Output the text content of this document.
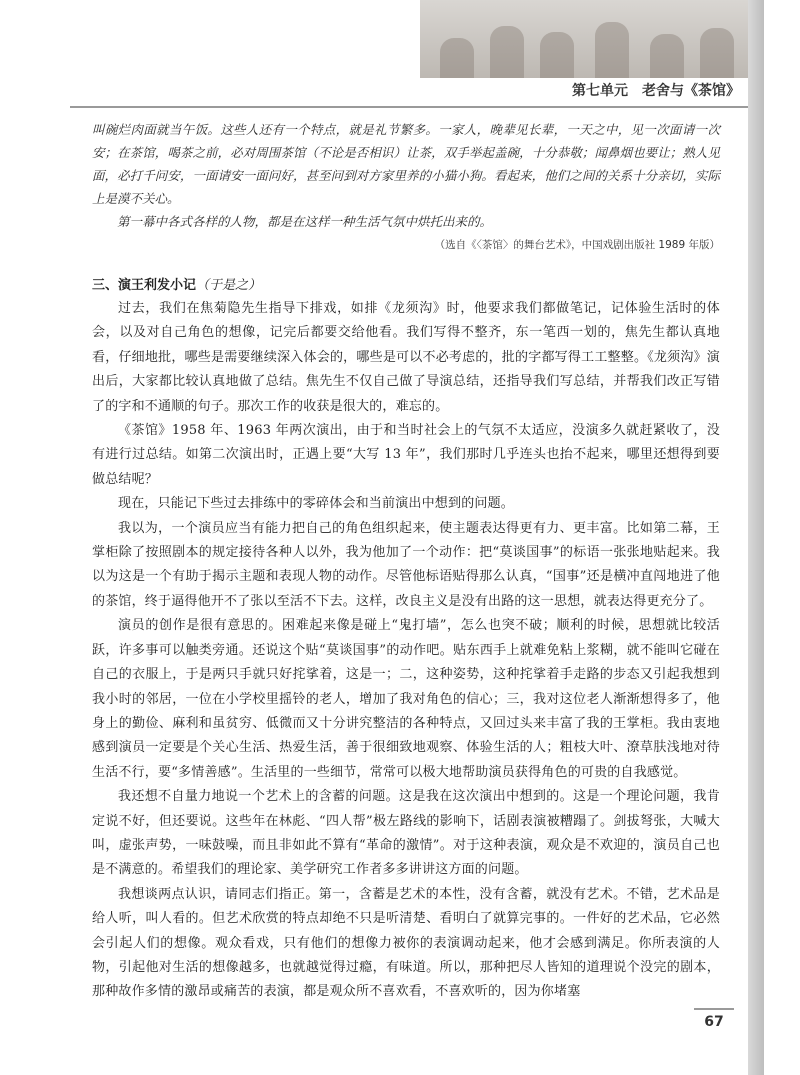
第七单元　老舍与《茶馆》

叫碗烂肉面就当午饭。这些人还有一个特点，就是礼节繁多。一家人，晚辈见长辈，一天之中，见一次面请一次安；在茶馆，喝茶之前，必对周围茶馆（不论是否相识）让茶，双手举起盖碗，十分恭敬；闻鼻烟也要让；熟人见面，必打千问安，一面请安一面问好，甚至问到对方家里养的小猫小狗。看起来，他们之间的关系十分亲切，实际上是漠不关心。

第一幕中各式各样的人物，都是在这样一种生活气氛中烘托出来的。

（选自《〈茶馆〉的舞台艺术》，中国戏剧出版社 1989 年版）

三、演王利发小记（于是之）

过去，我们在焦菊隐先生指导下排戏，如排《龙须沟》时，他要求我们都做笔记，记体验生活时的体会，以及对自己角色的想像，记完后都要交给他看。我们写得不整齐，东一笔西一划的，焦先生都认真地看，仔细地批，哪些是需要继续深入体会的，哪些是可以不必考虑的，批的字都写得工工整整。《龙须沟》演出后，大家都比较认真地做了总结。焦先生不仅自己做了导演总结，还指导我们写总结，并帮我们改正写错了的字和不通顺的句子。那次工作的收获是很大的，难忘的。

《茶馆》1958 年、1963 年两次演出，由于和当时社会上的气氛不太适应，没演多久就赶紧收了，没有进行过总结。如第二次演出时，正遇上要“大写 13 年”，我们那时几乎连头也抬不起来，哪里还想得到要做总结呢？

现在，只能记下些过去排练中的零碎体会和当前演出中想到的问题。

我以为，一个演员应当有能力把自己的角色组织起来，使主题表达得更有力、更丰富。比如第二幕，王掌柜除了按照剧本的规定接待各种人以外，我为他加了一个动作：把“莫谈国事”的标语一张张地贴起来。我以为这是一个有助于揭示主题和表现人物的动作。尽管他标语贴得那么认真，“国事”还是横冲直闯地进了他的茶馆，终于逼得他开不了张以至活不下去。这样，改良主义是没有出路的这一思想，就表达得更充分了。

演员的创作是很有意思的。困难起来像是碰上“鬼打墙”，怎么也突不破；顺利的时候，思想就比较活跃，许多事可以触类旁通。还说这个贴“莫谈国事”的动作吧。贴东西手上就难免粘上浆糊，就不能叫它碰在自己的衣服上，于是两只手就只好挓挲着，这是一；二，这种姿势，这种挓挲着手走路的步态又引起我想到我小时的邻居，一位在小学校里摇铃的老人，增加了我对角色的信心；三，我对这位老人渐渐想得多了，他身上的勤俭、麻利和虽贫穷、低微而又十分讲究整洁的各种特点，又回过头来丰富了我的王掌柜。我由衷地感到演员一定要是个关心生活、热爱生活，善于很细致地观察、体验生活的人；粗枝大叶、潦草肤浅地对待生活不行，要“多情善感”。生活里的一些细节，常常可以极大地帮助演员获得角色的可贵的自我感觉。

我还想不自量力地说一个艺术上的含蓄的问题。这是我在这次演出中想到的。这是一个理论问题，我肯定说不好，但还要说。这些年在林彪、“四人帮”极左路线的影响下，话剧表演被糟蹋了。剑拔弩张，大喊大叫，虚张声势，一味鼓噪，而且非如此不算有“革命的激情”。对于这种表演，观众是不欢迎的，演员自己也是不满意的。希望我们的理论家、美学研究工作者多多讲讲这方面的问题。

我想谈两点认识，请同志们指正。第一，含蓄是艺术的本性，没有含蓄，就没有艺术。不错，艺术品是给人听，叫人看的。但艺术欣赏的特点却绝不只是听清楚、看明白了就算完事的。一件好的艺术品，它必然会引起人们的想像。观众看戏，只有他们的想像力被你的表演调动起来，他才会感到满足。你所表演的人物，引起他对生活的想像越多，也就越觉得过瘾，有味道。所以，那种把尽人皆知的道理说个没完的剧本，那种故作多情的激昂或痛苦的表演，都是观众所不喜欢看，不喜欢听的，因为你堵塞

67
